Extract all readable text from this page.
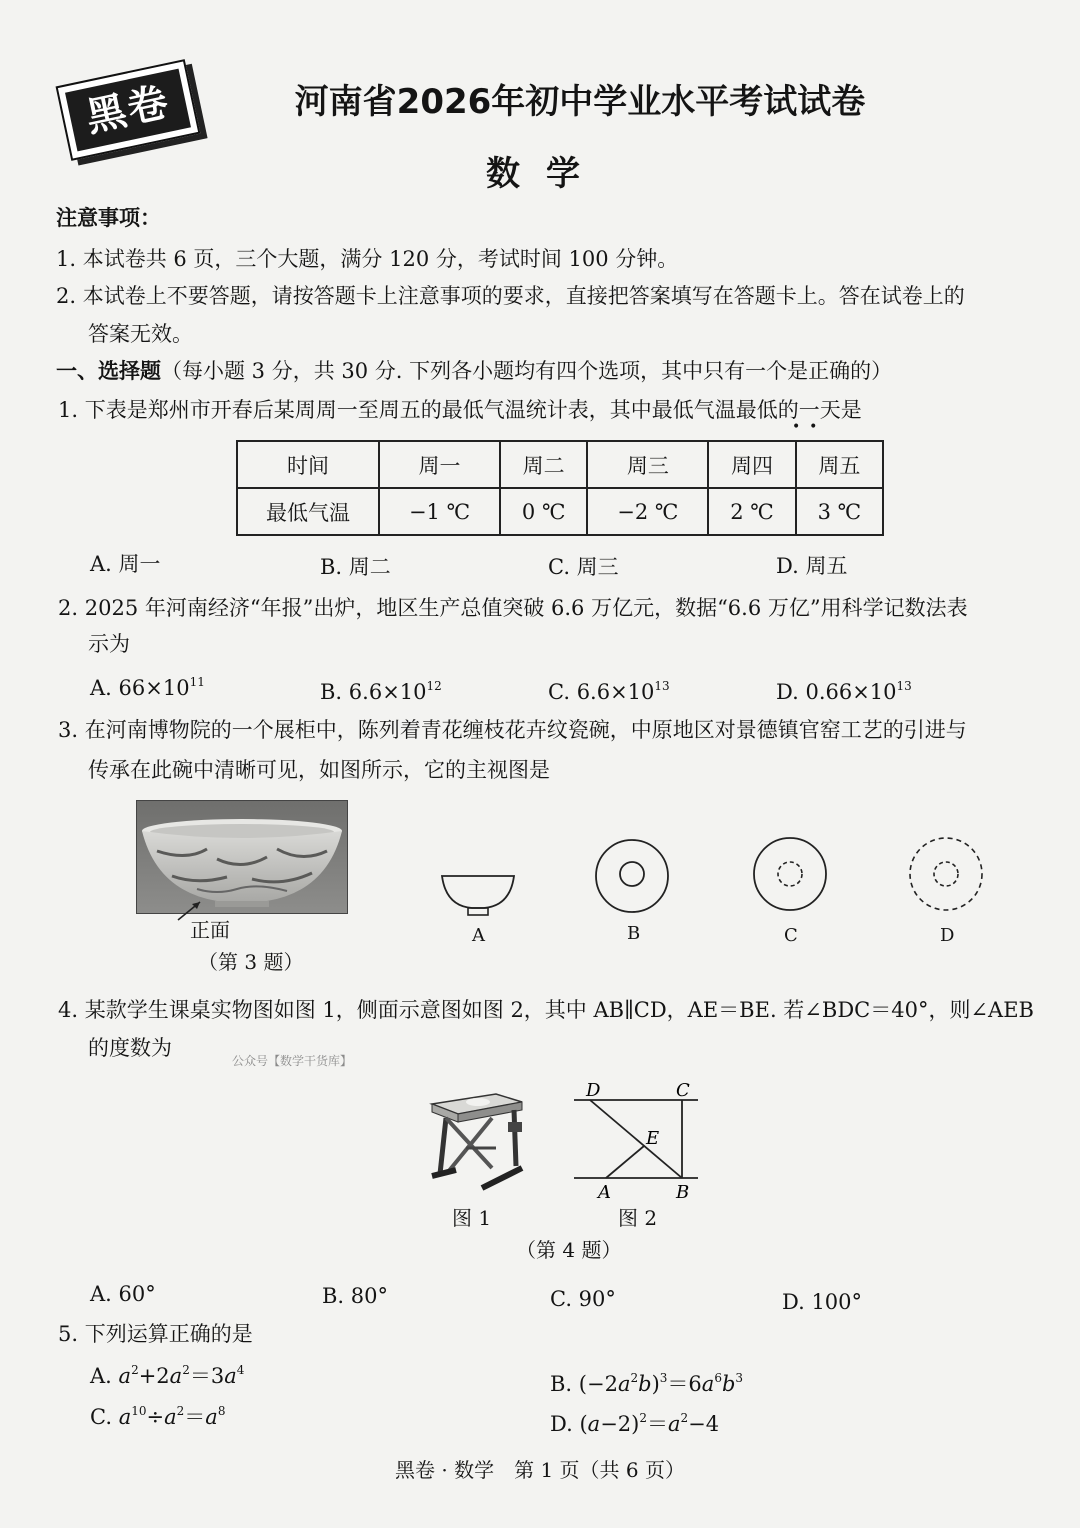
黑卷	河南省2026年初中学业水平考试试卷
数学
注意事项：
1. 本试卷共 6 页，三个大题，满分 120 分，考试时间 100 分钟。
2. 本试卷上不要答题，请按答题卡上注意事项的要求，直接把答案填写在答题卡上。答在试卷上的
答案无效。
一、选择题（每小题 3 分，共 30 分. 下列各小题均有四个选项，其中只有一个是正确的）
1. 下表是郑州市开春后某周周一至周五的最低气温统计表，其中最低气温最低的一天是
•  •
时间	周一	周二	周三	周四	周五
最低气温	−1 ℃	0 ℃	−2 ℃	2 ℃	3 ℃
A. 周一	B. 周二	C. 周三	D. 周五
2. 2025 年河南经济“年报”出炉，地区生产总值突破 6.6 万亿元，数据“6.6 万亿”用科学记数法表
示为
A. $66\times 10^{11}$	B. $6.6\times 10^{12}$	C. $6.6\times 10^{13}$	D. $0.66\times 10^{13}$
3. 在河南博物院的一个展柜中，陈列着青花缠枝花卉纹瓷碗，中原地区对景德镇官窑工艺的引进与
传承在此碗中清晰可见，如图所示，它的主视图是
正面
（第 3 题）
A	B	C	D
4. 某款学生课桌实物图如图 1，侧面示意图如图 2，其中 AB∥CD，AE＝BE. 若∠BDC＝40°，则∠AEB
的度数为
公众号【数学干货库】
图 1
D	C
E
A	B
图 2
（第 4 题）
A. 60°	B. 80°	C. 90°	D. 100°
5. 下列运算正确的是
A. $a^2+2a^2=3a^4$
B. $(-2a^2b)^3=6a^6b^3$
C. $a^{10}\div a^2=a^8$
D. $(a-2)^2=a^2-4$
黑卷 · 数学　第 1 页（共 6 页）
